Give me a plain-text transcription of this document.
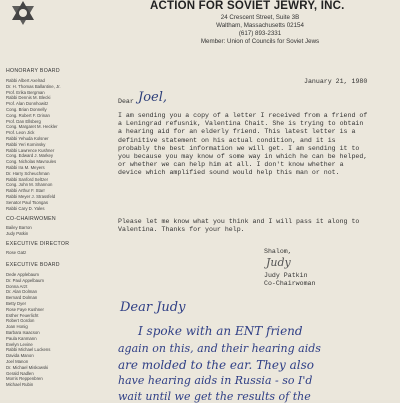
ACTION FOR SOVIET JEWRY, INC.
24 Crescent Street, Suite 3B
Waltham, Massachusetts 02154
(617) 893-2331
Member: Union of Councils for Soviet Jews
HONORARY BOARD
Rabbi Albert Axelrad
Dr. H. Thomas Ballantine, Jr.
Prof. Erika Bergman
Rabbi Dennis M. Blecki
Prof. Alan Donnhowitz
Cong. Brian Donnelly
Cong. Robert F. Drinan
Prof. Dan Ellsberg
Cong. Margaret M. Heckler
Prof. Leon Jick
Rabbi Yehuda Kolsner
Rabbi Yeri Kominsky
Rabbi Lawrence Kushner
Cong. Edward J. Markey
Cong. Nicholas Mavroules
Rabbi Ira M. Meyers
Dr. Harry Scheuchman
Rabbi Sanford Seltzer
Cong. John M. Shannon
Rabbi Arthur F. Starr
Rabbi Meyer J. Strassfeld
Senator Paul Tsongas
Rabbi Cary D. Yales
CO-CHAIRWOMEN
Bailey Barron
Judy Patkin
EXECUTIVE DIRECTOR
Rose Gatz
EXECUTIVE BOARD
Dede Applebaum
Dr. Paul Appelbaum
Donna Arzt
Dr. Alan Dolman
Bernard Dolman
Betty Dyer
Rose Faye Kushner
Esther Feuerlicht
Robert Gordon
Joan Honig
Barbara Isaacson
Paula Kanmann
Evelyn Levine
Rabbi Michael Luckens
Davida Manon
Joel Manon
Dr. Michael Miskowski
Gerald Nadlen
Morris Reppenbren
Michael Rubin
January 21, 1980
Dear Joel,
I am sending you a copy of a letter I received from a friend of
a Leningrad refusnik, Valentina Chait. She is trying to obtain
a hearing aid for an elderly friend. This latest letter is a
definitive statement on his actual condition, and it is
probably the best information we will get. I am sending it to
you because you may know of some way in which he can be helped,
or whether we can help him at all. I don't know whether a
device which amplified sound would help this man or not.
Please let me know what you think and I will pass it along to
Valentina. Thanks for your help.
Shalom,
Judy
Judy Patkin
Co-Chairwoman
Dear Judy
I spoke with an ENT friend
again on this, and their hearing aids
are molded to the ear. They also
have hearing aids in Russia - so I'd
wait until we get the results of the
